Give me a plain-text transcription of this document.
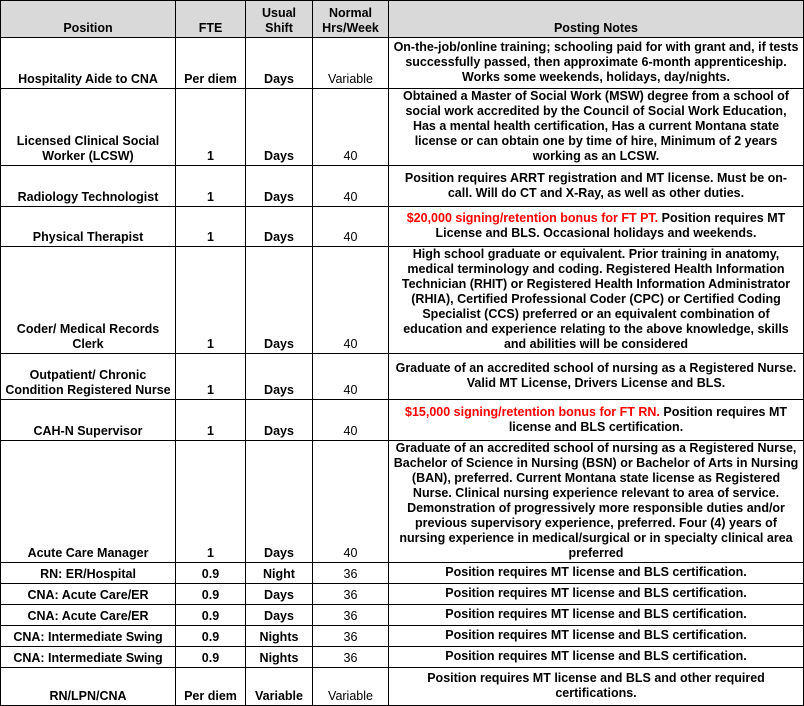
Position	FTE	Usual Shift	Normal Hrs/Week	Posting Notes
Hospitality Aide to CNA	Per diem	Days	Variable	On-the-job/online training; schooling paid for with grant and, if tests successfully passed, then approximate 6-month apprenticeship. Works some weekends, holidays, day/nights.
Licensed Clinical Social Worker (LCSW)	1	Days	40	Obtained a Master of Social Work (MSW) degree from a school of social work accredited by the Council of Social Work Education, Has a mental health certification, Has a current Montana state license or can obtain one by time of hire, Minimum of 2 years working as an LCSW.
Radiology Technologist	1	Days	40	Position requires ARRT registration and MT license. Must be on-call. Will do CT and X-Ray, as well as other duties.
Physical Therapist	1	Days	40	$20,000 signing/retention bonus for FT PT. Position requires MT License and BLS. Occasional holidays and weekends.
Coder/ Medical Records Clerk	1	Days	40	High school graduate or equivalent. Prior training in anatomy, medical terminology and coding. Registered Health Information Technician (RHIT) or Registered Health Information Administrator (RHIA), Certified Professional Coder (CPC) or Certified Coding Specialist (CCS) preferred or an equivalent combination of education and experience relating to the above knowledge, skills and abilities will be considered
Outpatient/ Chronic Condition Registered Nurse	1	Days	40	Graduate of an accredited school of nursing as a Registered Nurse. Valid MT License, Drivers License and BLS.
CAH-N Supervisor	1	Days	40	$15,000 signing/retention bonus for FT RN. Position requires MT license and BLS certification.
Acute Care Manager	1	Days	40	Graduate of an accredited school of nursing as a Registered Nurse, Bachelor of Science in Nursing (BSN) or Bachelor of Arts in Nursing (BAN), preferred. Current Montana state license as Registered Nurse. Clinical nursing experience relevant to area of service. Demonstration of progressively more responsible duties and/or previous supervisory experience, preferred. Four (4) years of nursing experience in medical/surgical or in specialty clinical area preferred
RN: ER/Hospital	0.9	Night	36	Position requires MT license and BLS certification.
CNA: Acute Care/ER	0.9	Days	36	Position requires MT license and BLS certification.
CNA: Acute Care/ER	0.9	Days	36	Position requires MT license and BLS certification.
CNA: Intermediate Swing	0.9	Nights	36	Position requires MT license and BLS certification.
CNA: Intermediate Swing	0.9	Nights	36	Position requires MT license and BLS certification.
RN/LPN/CNA	Per diem	Variable	Variable	Position requires MT license and BLS and other required certifications.
